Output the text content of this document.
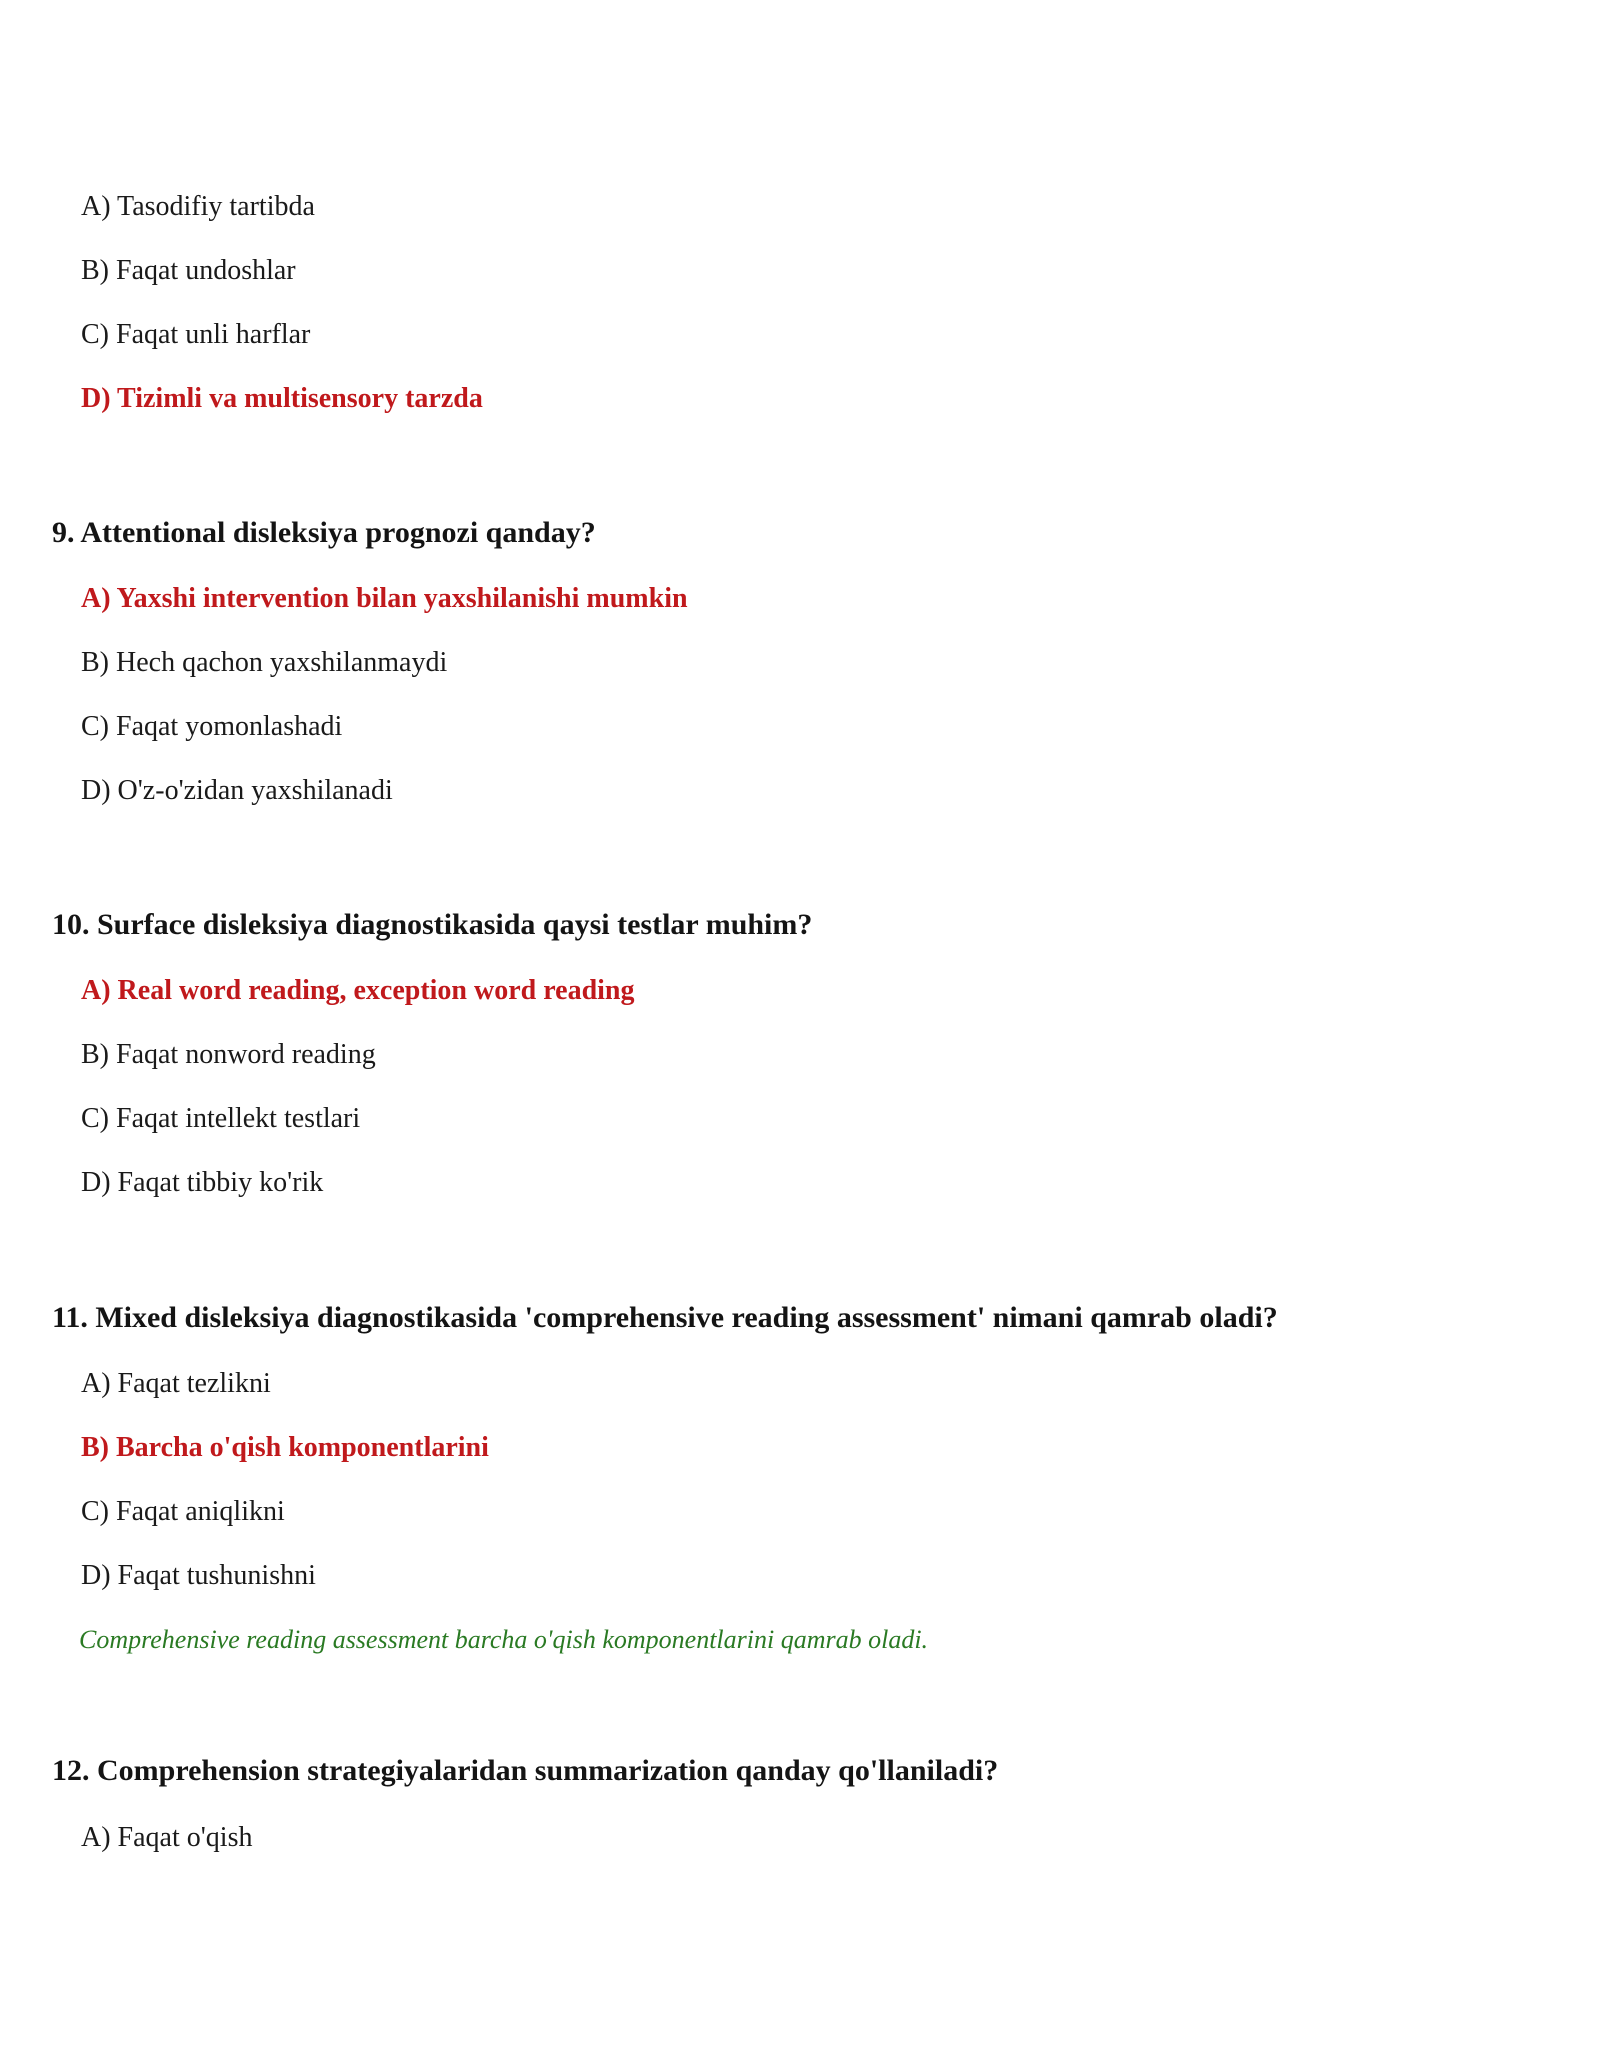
A) Tasodifiy tartibda
B) Faqat undoshlar
C) Faqat unli harflar
D) Tizimli va multisensory tarzda
9. Attentional disleksiya prognozi qanday?
A) Yaxshi intervention bilan yaxshilanishi mumkin
B) Hech qachon yaxshilanmaydi
C) Faqat yomonlashadi
D) O'z-o'zidan yaxshilanadi
10. Surface disleksiya diagnostikasida qaysi testlar muhim?
A) Real word reading, exception word reading
B) Faqat nonword reading
C) Faqat intellekt testlari
D) Faqat tibbiy ko'rik
11. Mixed disleksiya diagnostikasida 'comprehensive reading assessment' nimani qamrab oladi?
A) Faqat tezlikni
B) Barcha o'qish komponentlarini
C) Faqat aniqlikni
D) Faqat tushunishni
Comprehensive reading assessment barcha o'qish komponentlarini qamrab oladi.
12. Comprehension strategiyalaridan summarization qanday qo'llaniladi?
A) Faqat o'qish
